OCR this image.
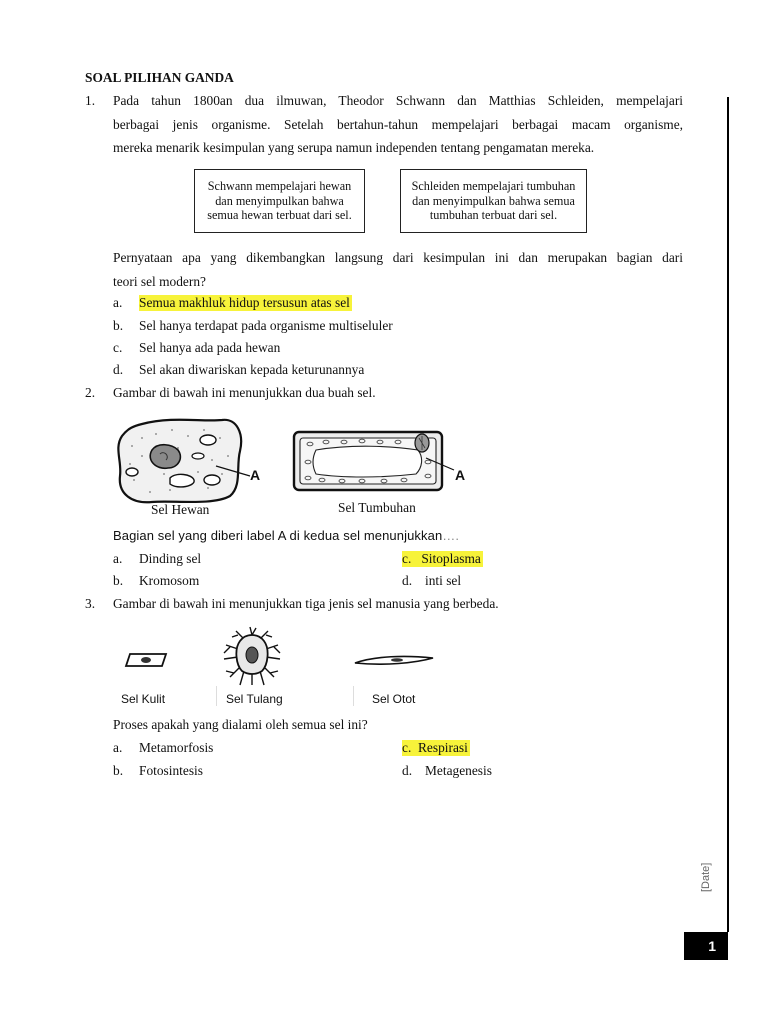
SOAL PILIHAN GANDA
1. Pada tahun 1800an dua ilmuwan, Theodor Schwann dan Matthias Schleiden, mempelajari
berbagai jenis organisme. Setelah bertahun-tahun mempelajari berbagai macam organisme,
mereka menarik kesimpulan yang serupa namun independen tentang pengamatan mereka.
Schwann mempelajari hewan dan menyimpulkan bahwa semua hewan terbuat dari sel.
Schleiden mempelajari tumbuhan dan menyimpulkan bahwa semua tumbuhan terbuat dari sel.
Pernyataan apa yang dikembangkan langsung dari kesimpulan ini dan merupakan bagian dari
teori sel modern?
a. Semua makhluk hidup tersusun atas sel
b. Sel hanya terdapat pada organisme multiseluler
c. Sel hanya ada pada hewan
d. Sel akan diwariskan kepada keturunannya
2. Gambar di bawah ini menunjukkan dua buah sel.
A	A
Sel Hewan	Sel Tumbuhan
Bagian sel yang diberi label A di kedua sel menunjukkan….
a. Dinding sel	c. Sitoplasma
b. Kromosom	d. inti sel
3. Gambar di bawah ini menunjukkan tiga jenis sel manusia yang berbeda.
Sel Kulit	Sel Tulang	Sel Otot
Proses apakah yang dialami oleh semua sel ini?
a. Metamorfosis	c. Respirasi
b. Fotosintesis	d. Metagenesis
[Date]
1
